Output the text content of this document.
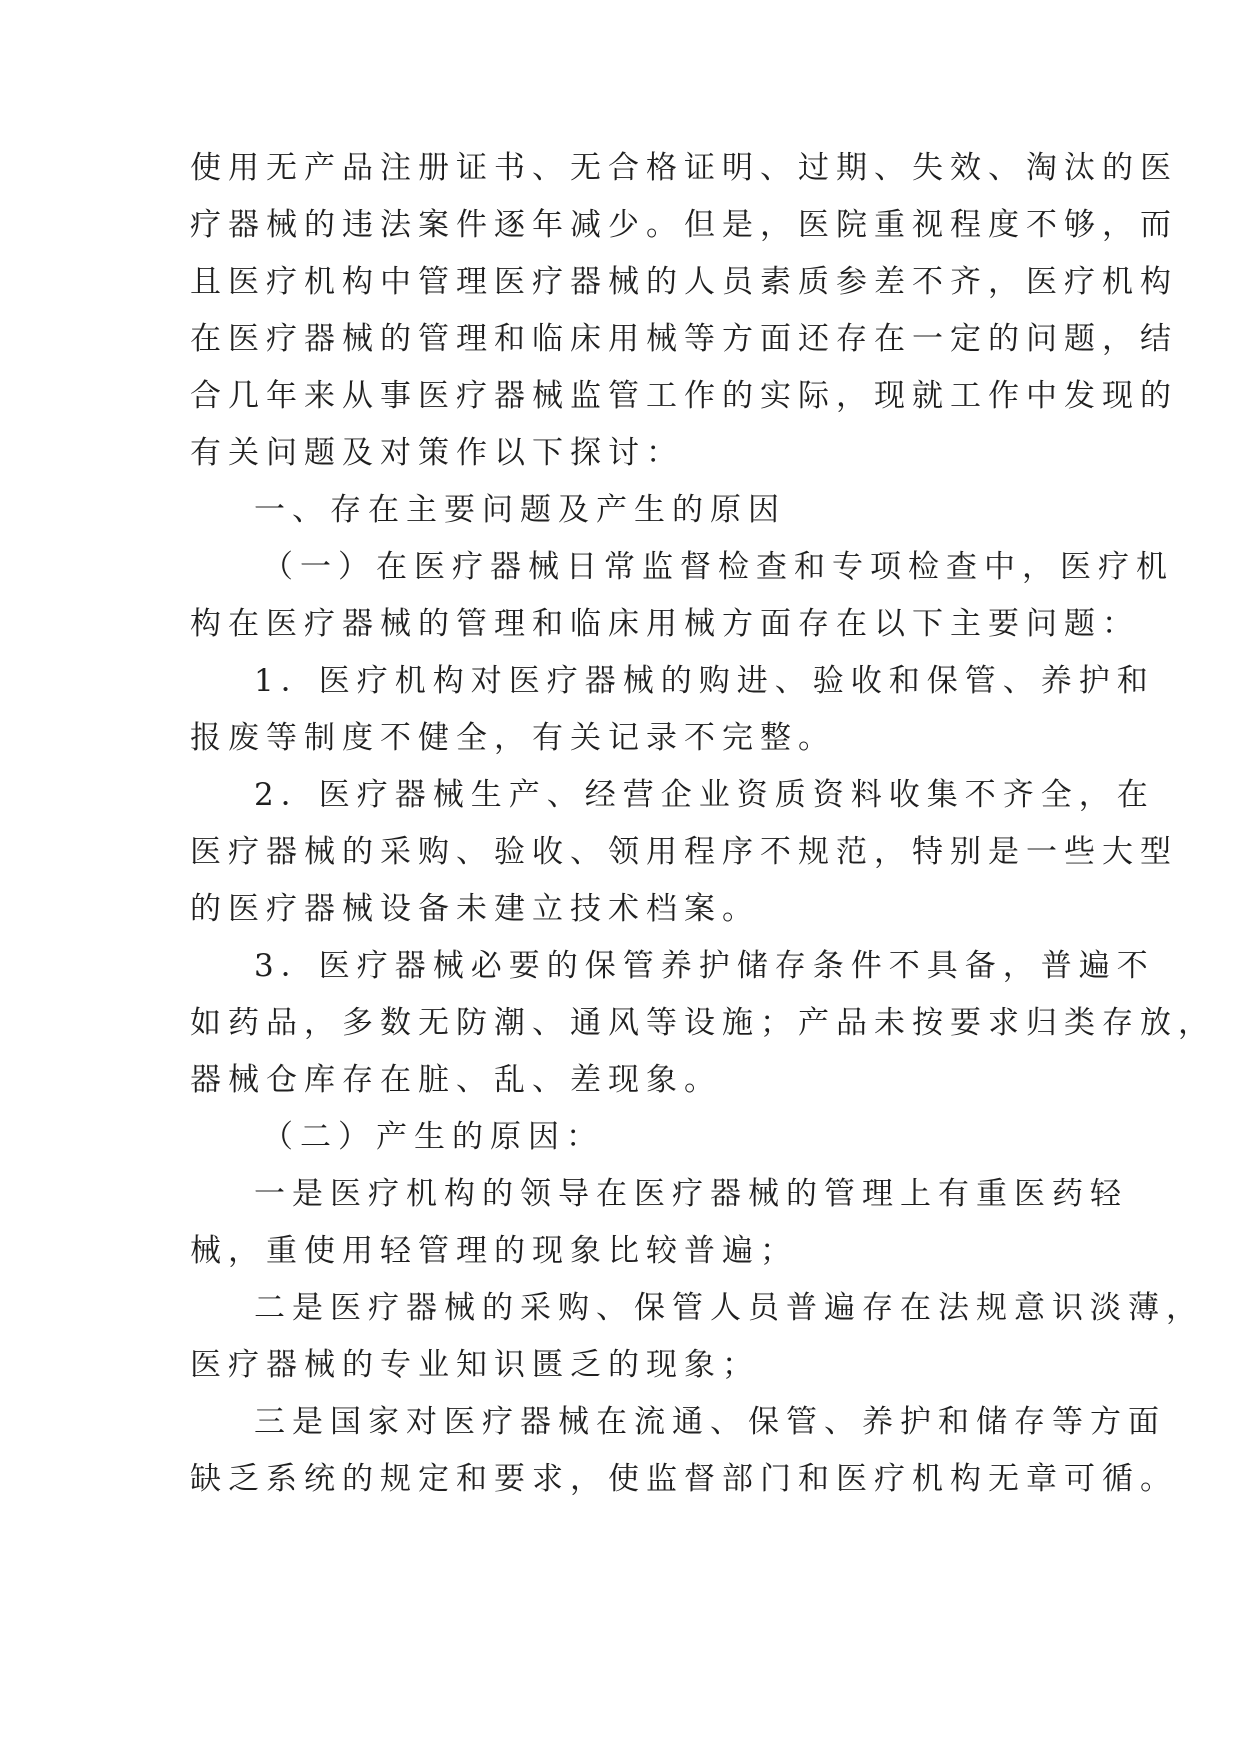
使用无产品注册证书、无合格证明、过期、失效、淘汰的医

疗器械的违法案件逐年减少。但是，医院重视程度不够，而

且医疗机构中管理医疗器械的人员素质参差不齐，医疗机构

在医疗器械的管理和临床用械等方面还存在一定的问题，结

合几年来从事医疗器械监管工作的实际，现就工作中发现的

有关问题及对策作以下探讨：

一、存在主要问题及产生的原因

（一）在医疗器械日常监督检查和专项检查中，医疗机

构在医疗器械的管理和临床用械方面存在以下主要问题：

1．医疗机构对医疗器械的购进、验收和保管、养护和

报废等制度不健全，有关记录不完整。

2．医疗器械生产、经营企业资质资料收集不齐全，在

医疗器械的采购、验收、领用程序不规范，特别是一些大型

的医疗器械设备未建立技术档案。

3．医疗器械必要的保管养护储存条件不具备，普遍不

如药品，多数无防潮、通风等设施；产品未按要求归类存放，

器械仓库存在脏、乱、差现象。

（二）产生的原因：

一是医疗机构的领导在医疗器械的管理上有重医药轻

械，重使用轻管理的现象比较普遍；

二是医疗器械的采购、保管人员普遍存在法规意识淡薄，

医疗器械的专业知识匮乏的现象；

三是国家对医疗器械在流通、保管、养护和储存等方面

缺乏系统的规定和要求，使监督部门和医疗机构无章可循。
